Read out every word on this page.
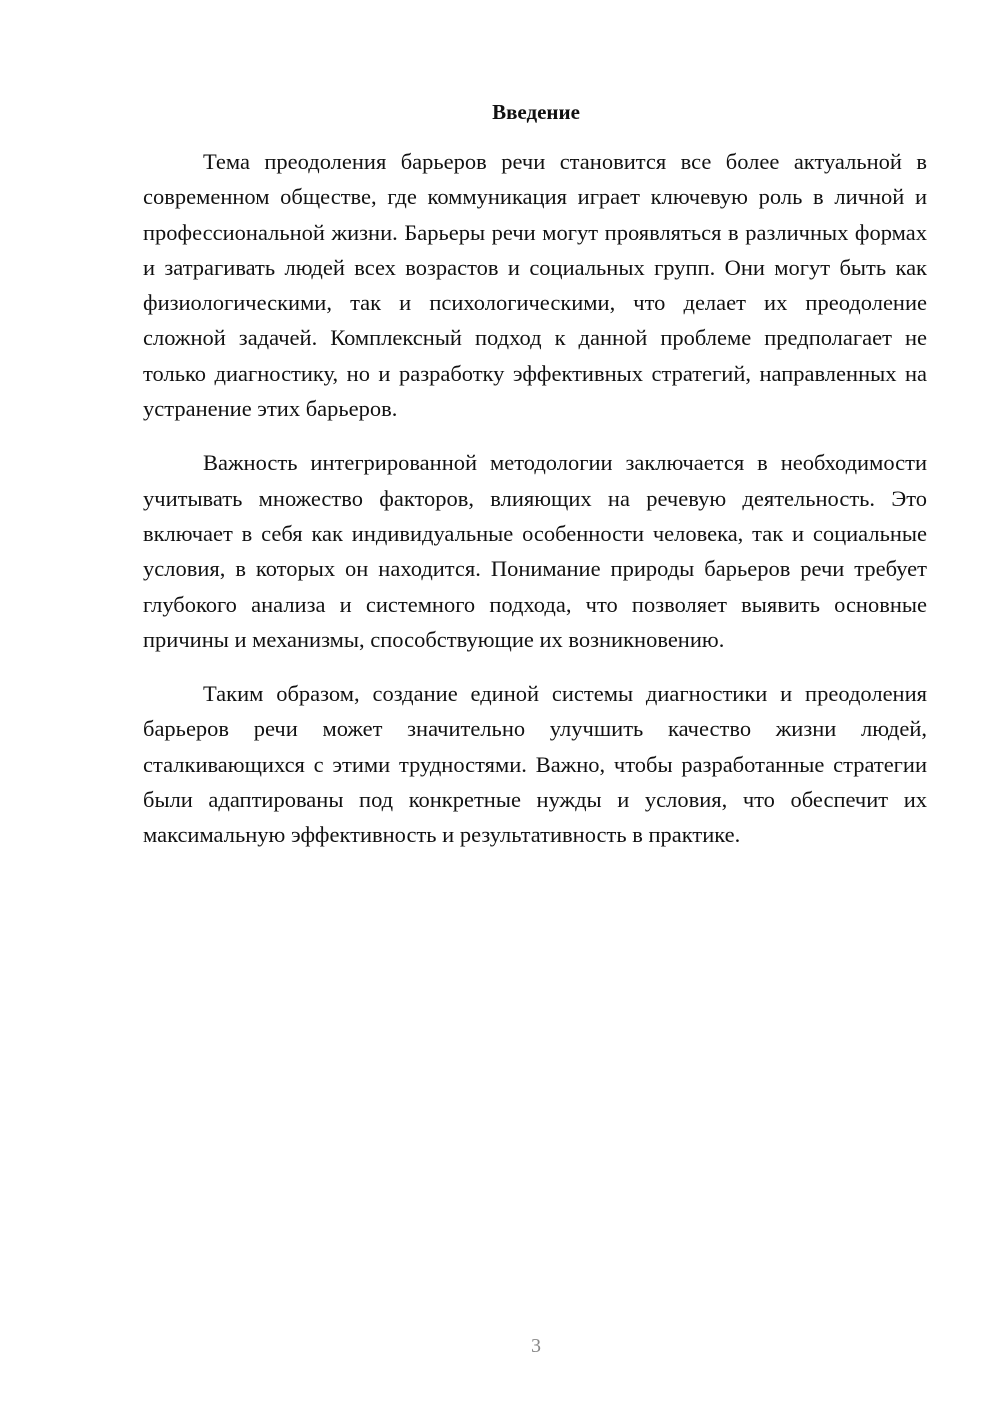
Введение

Тема преодоления барьеров речи становится все более актуальной в современном обществе, где коммуникация играет ключевую роль в личной и профессиональной жизни. Барьеры речи могут проявляться в различных формах и затрагивать людей всех возрастов и социальных групп. Они могут быть как физиологическими, так и психологическими, что делает их преодоление сложной задачей. Комплексный подход к данной проблеме предполагает не только диагностику, но и разработку эффективных стратегий, направленных на устранение этих барьеров.

Важность интегрированной методологии заключается в необходимости учитывать множество факторов, влияющих на речевую деятельность. Это включает в себя как индивидуальные особенности человека, так и социальные условия, в которых он находится. Понимание природы барьеров речи требует глубокого анализа и системного подхода, что позволяет выявить основные причины и механизмы, способствующие их возникновению.

Таким образом, создание единой системы диагностики и преодоления барьеров речи может значительно улучшить качество жизни людей, сталкивающихся с этими трудностями. Важно, чтобы разработанные стратегии были адаптированы под конкретные нужды и условия, что обеспечит их максимальную эффективность и результативность в практике.

3
